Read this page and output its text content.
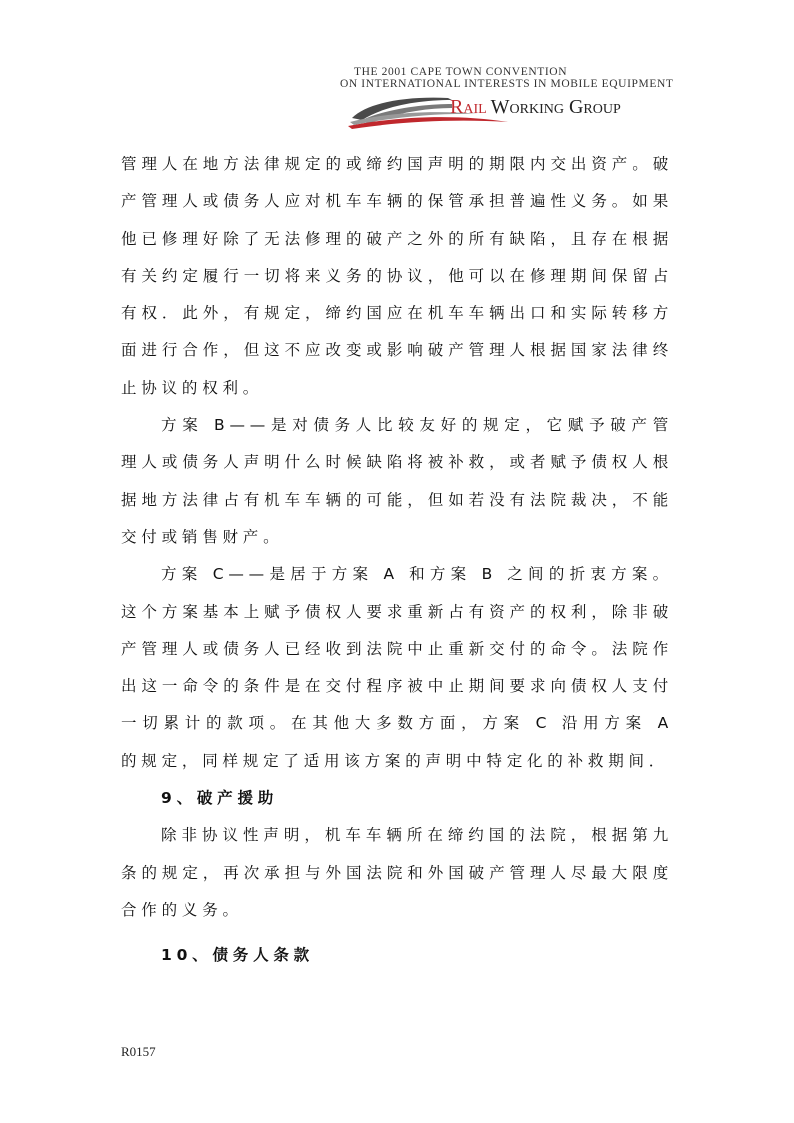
THE 2001 CAPE TOWN CONVENTION
ON INTERNATIONAL INTERESTS IN MOBILE EQUIPMENT
Rail Working Group

管理人在地方法律规定的或缔约国声明的期限内交出资产。破产管理人或债务人应对机车车辆的保管承担普遍性义务。如果他已修理好除了无法修理的破产之外的所有缺陷，且存在根据有关约定履行一切将来义务的协议，他可以在修理期间保留占有权．此外，有规定，缔约国应在机车车辆出口和实际转移方面进行合作，但这不应改变或影响破产管理人根据国家法律终止协议的权利。

方案 B——是对债务人比较友好的规定，它赋予破产管理人或债务人声明什么时候缺陷将被补救，或者赋予债权人根据地方法律占有机车车辆的可能，但如若没有法院裁决，不能交付或销售财产。

方案 C——是居于方案 A 和方案 B 之间的折衷方案。这个方案基本上赋予债权人要求重新占有资产的权利，除非破产管理人或债务人已经收到法院中止重新交付的命令。法院作出这一命令的条件是在交付程序被中止期间要求向债权人支付一切累计的款项。在其他大多数方面，方案 C 沿用方案 A 的规定，同样规定了适用该方案的声明中特定化的补救期间．

9、破产援助

除非协议性声明，机车车辆所在缔约国的法院，根据第九条的规定，再次承担与外国法院和外国破产管理人尽最大限度合作的义务。

10、债务人条款

R0157
